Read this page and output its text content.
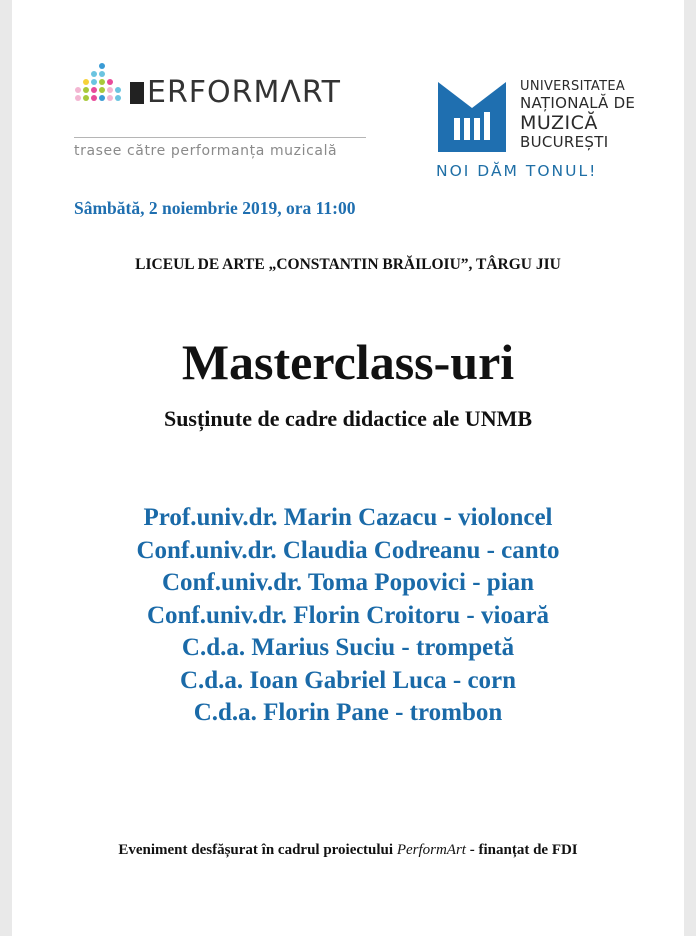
ERFORMΛRT
trasee către performanța muzicală
UNIVERSITATEA
NAȚIONALĂ DE
MUZICĂ
BUCUREȘTI
NOI DĂM TONUL!
Sâmbătă, 2 noiembrie 2019, ora 11:00
LICEUL DE ARTE „CONSTANTIN BRĂILOIU”, TÂRGU JIU
Masterclass-uri
Susținute de cadre didactice ale UNMB
Prof.univ.dr. Marin Cazacu - violoncel
Conf.univ.dr. Claudia Codreanu - canto
Conf.univ.dr. Toma Popovici - pian
Conf.univ.dr. Florin Croitoru - vioară
C.d.a. Marius Suciu - trompetă
C.d.a. Ioan Gabriel Luca - corn
C.d.a. Florin Pane - trombon
Eveniment desfășurat în cadrul proiectului PerformArt - finanțat de FDI
